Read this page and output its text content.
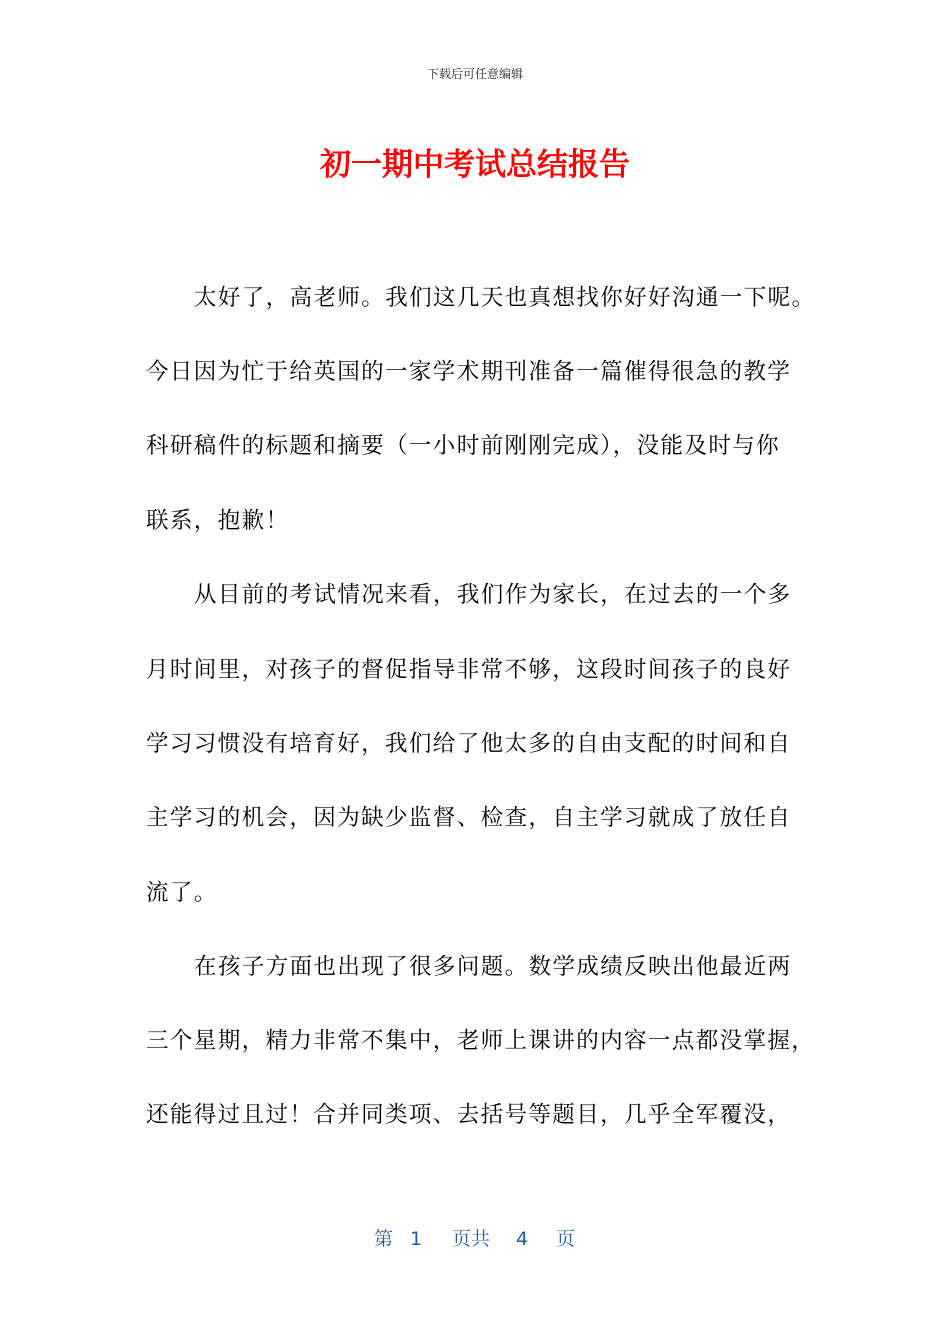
下载后可任意编辑
初一期中考试总结报告
太好了，高老师。我们这几天也真想找你好好沟通一下呢。
今日因为忙于给英国的一家学术期刊准备一篇催得很急的教学
科研稿件的标题和摘要（一小时前刚刚完成），没能及时与你
联系，抱歉！
从目前的考试情况来看，我们作为家长，在过去的一个多
月时间里，对孩子的督促指导非常不够，这段时间孩子的良好
学习习惯没有培育好，我们给了他太多的自由支配的时间和自
主学习的机会，因为缺少监督、检查，自主学习就成了放任自
流了。
在孩子方面也出现了很多问题。数学成绩反映出他最近两
三个星期，精力非常不集中，老师上课讲的内容一点都没掌握，
还能得过且过！合并同类项、去括号等题目，几乎全军覆没，
第 1 页共 4 页
